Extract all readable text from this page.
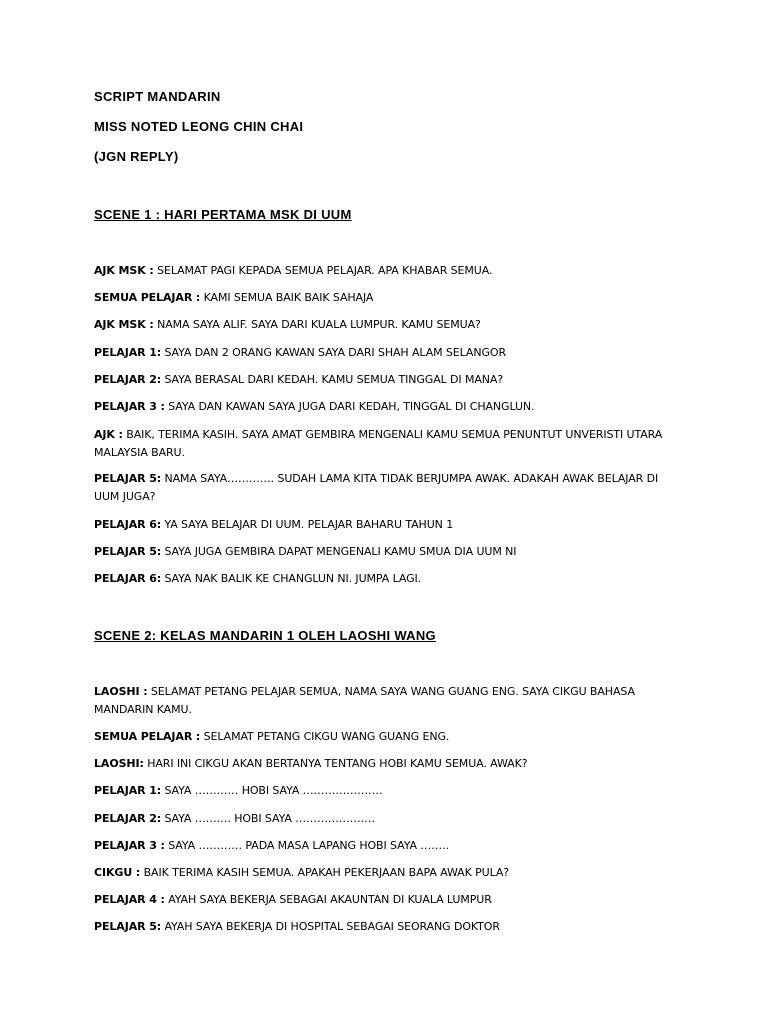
SCRIPT MANDARIN
MISS NOTED LEONG CHIN CHAI
(JGN REPLY)
SCENE 1 : HARI PERTAMA MSK DI UUM
AJK MSK : SELAMAT PAGI KEPADA SEMUA PELAJAR. APA KHABAR SEMUA.
SEMUA PELAJAR : KAMI SEMUA BAIK BAIK SAHAJA
AJK MSK : NAMA SAYA ALIF. SAYA DARI KUALA LUMPUR. KAMU SEMUA?
PELAJAR 1: SAYA DAN 2 ORANG KAWAN SAYA DARI SHAH ALAM SELANGOR
PELAJAR 2: SAYA BERASAL DARI KEDAH. KAMU SEMUA TINGGAL DI MANA?
PELAJAR 3 : SAYA DAN KAWAN SAYA JUGA DARI KEDAH, TINGGAL DI CHANGLUN.
AJK : BAIK, TERIMA KASIH. SAYA AMAT GEMBIRA MENGENALI KAMU SEMUA PENUNTUT UNVERISTI UTARA MALAYSIA BARU.
PELAJAR 5: NAMA SAYA…………. SUDAH LAMA KITA TIDAK BERJUMPA AWAK. ADAKAH AWAK BELAJAR DI UUM JUGA?
PELAJAR 6: YA SAYA BELAJAR DI UUM. PELAJAR BAHARU TAHUN 1
PELAJAR 5: SAYA JUGA GEMBIRA DAPAT MENGENALI KAMU SMUA DIA UUM NI
PELAJAR 6: SAYA NAK BALIK KE CHANGLUN NI. JUMPA LAGI.
SCENE 2: KELAS MANDARIN 1 OLEH LAOSHI WANG
LAOSHI : SELAMAT PETANG PELAJAR SEMUA, NAMA SAYA WANG GUANG ENG. SAYA CIKGU BAHASA MANDARIN KAMU.
SEMUA PELAJAR : SELAMAT PETANG CIKGU WANG GUANG ENG.
LAOSHI: HARI INI CIKGU AKAN BERTANYA TENTANG HOBI KAMU SEMUA. AWAK?
PELAJAR 1: SAYA ………… HOBI SAYA ………………….
PELAJAR 2: SAYA ………. HOBI SAYA ………………….
PELAJAR 3 : SAYA ………… PADA MASA LAPANG HOBI SAYA ……..
CIKGU : BAIK TERIMA KASIH SEMUA. APAKAH PEKERJAAN BAPA AWAK PULA?
PELAJAR 4 : AYAH SAYA BEKERJA SEBAGAI AKAUNTAN DI KUALA LUMPUR
PELAJAR 5: AYAH SAYA BEKERJA DI HOSPITAL SEBAGAI SEORANG DOKTOR
